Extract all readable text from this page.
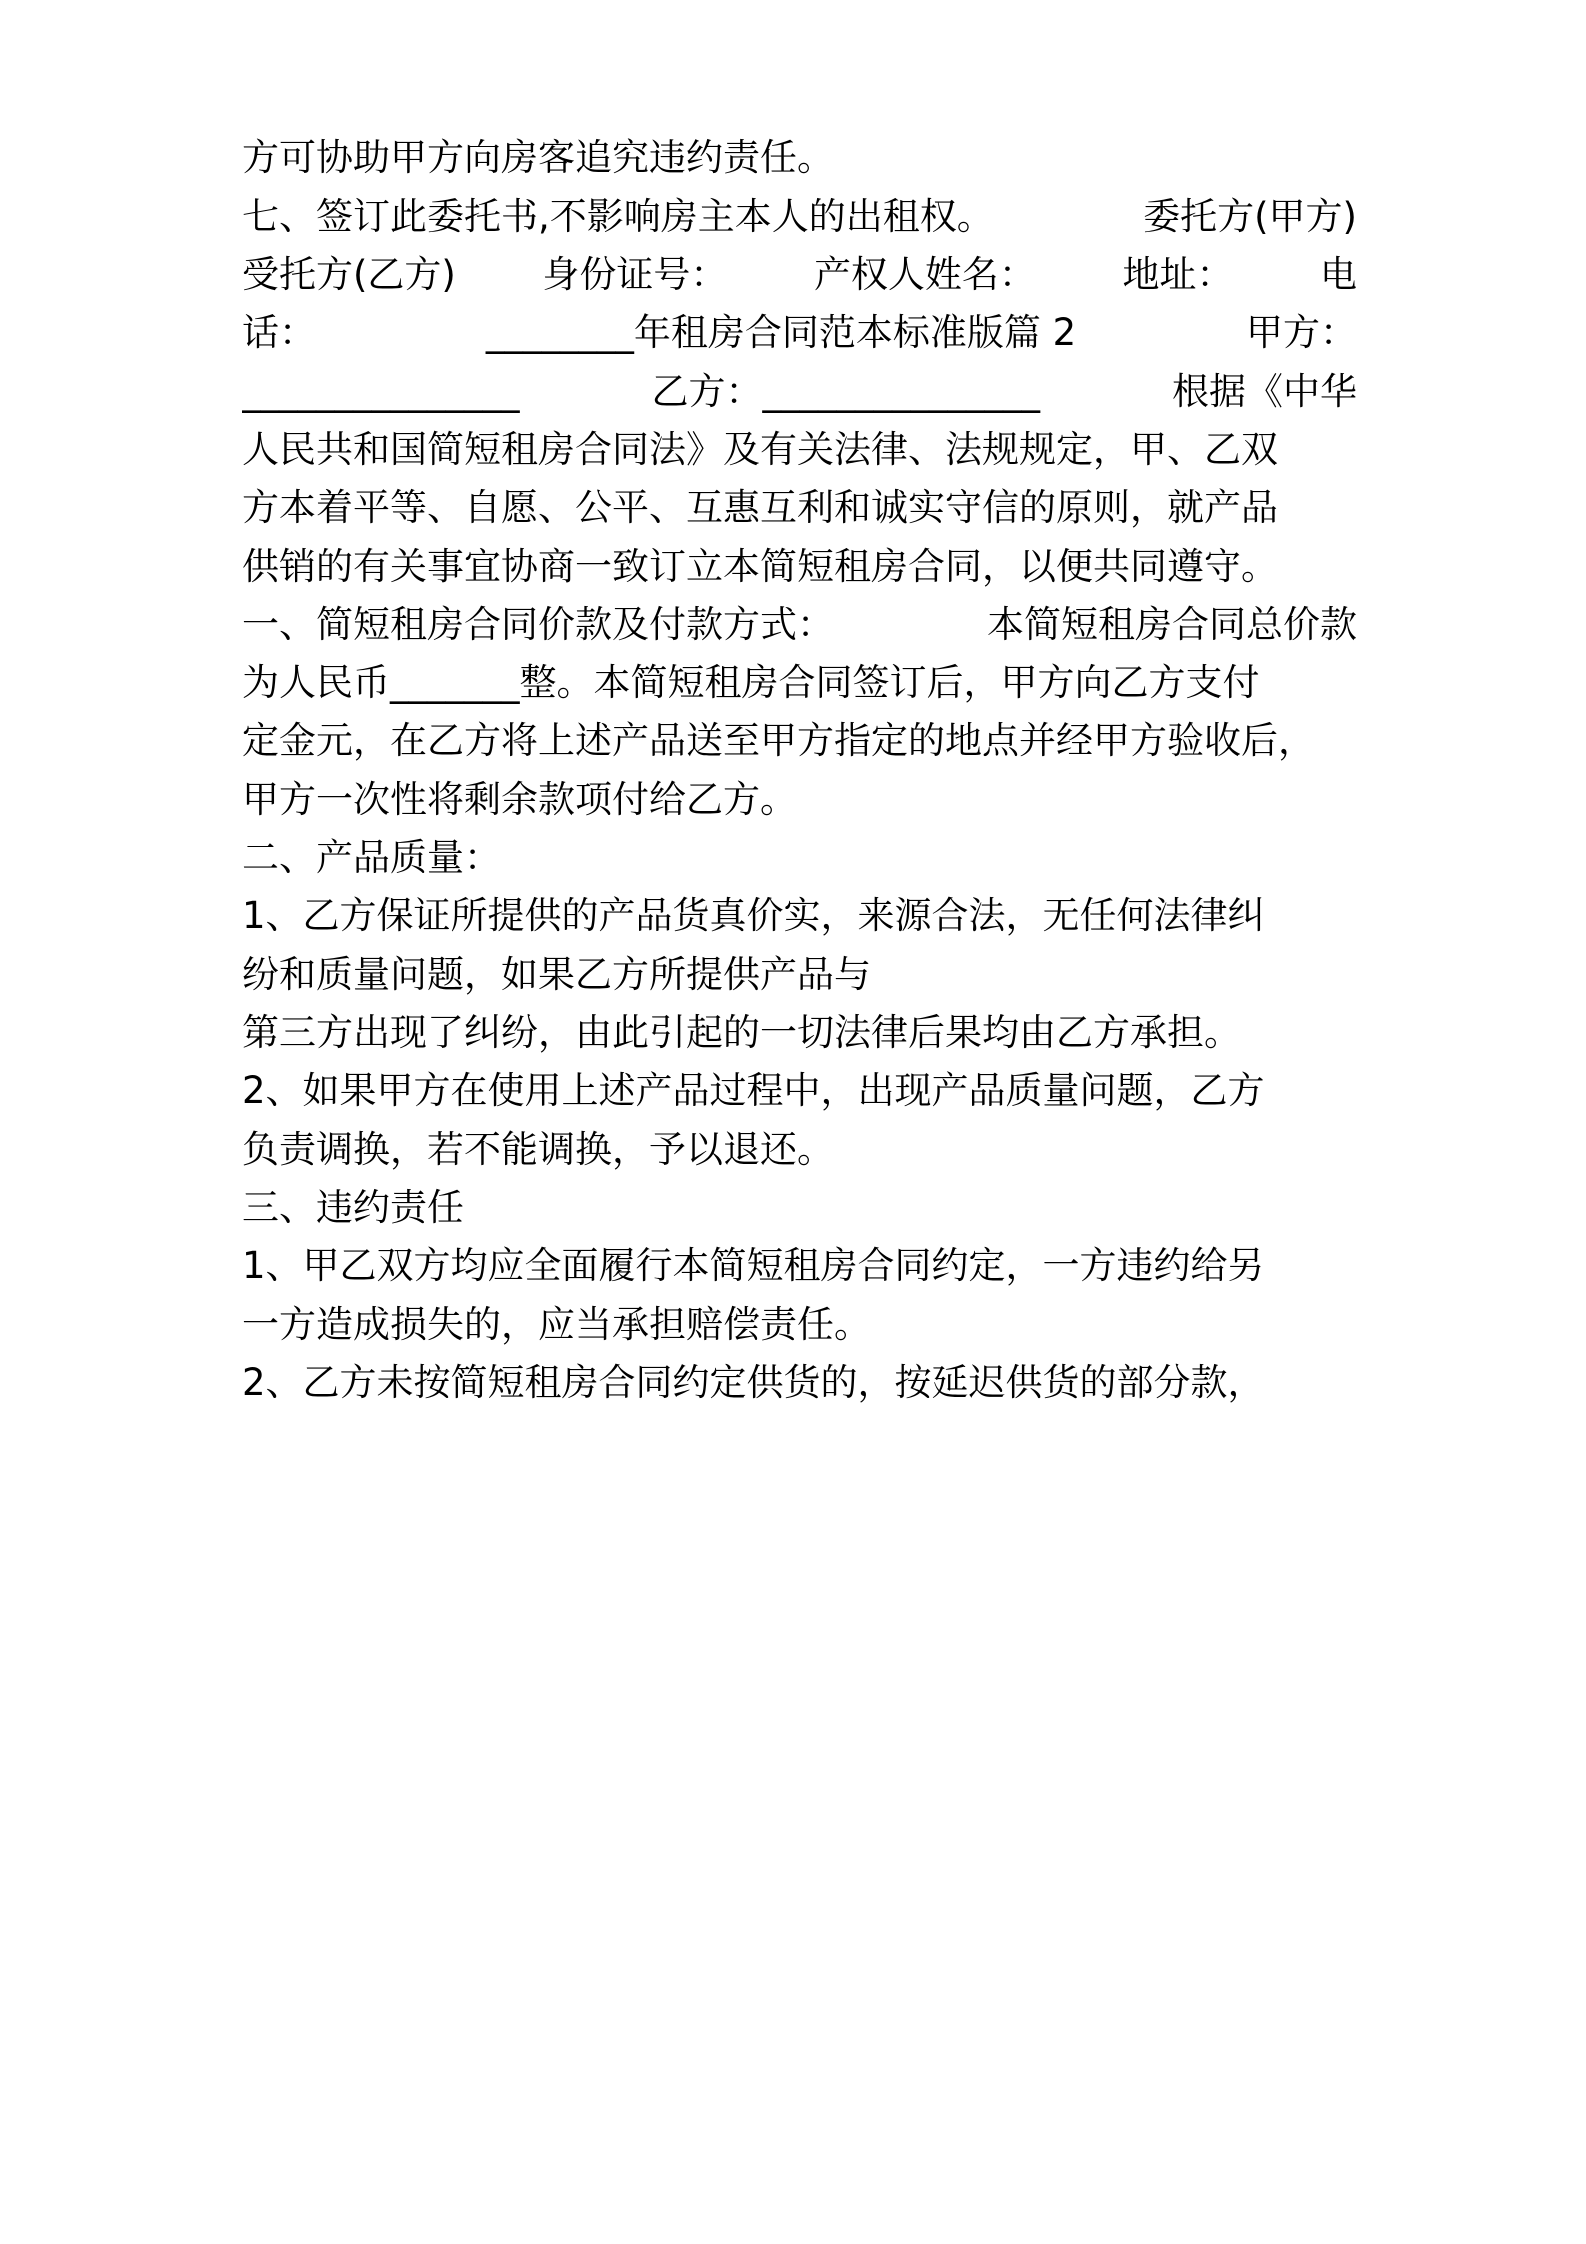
方可协助甲方向房客追究违约责任。
七、签订此委托书,不影响房主本人的出租权。	委托方(甲方)
受托方(乙方) 身份证号： 产权人姓名： 地址： 电
话：	________年租房合同范本标准版篇 2	甲方：
_______________	乙方：_______________	根据《中华
人民共和国简短租房合同法》及有关法律、法规规定，甲、乙双
方本着平等、自愿、公平、互惠互利和诚实守信的原则，就产品
供销的有关事宜协商一致订立本简短租房合同，以便共同遵守。
一、简短租房合同价款及付款方式：	本简短租房合同总价款
为人民币_______整。本简短租房合同签订后，甲方向乙方支付
定金元，在乙方将上述产品送至甲方指定的地点并经甲方验收后，
甲方一次性将剩余款项付给乙方。
二、产品质量：
1、乙方保证所提供的产品货真价实，来源合法，无任何法律纠
纷和质量问题，如果乙方所提供产品与
第三方出现了纠纷，由此引起的一切法律后果均由乙方承担。
2、如果甲方在使用上述产品过程中，出现产品质量问题，乙方
负责调换，若不能调换，予以退还。
三、违约责任
1、甲乙双方均应全面履行本简短租房合同约定，一方违约给另
一方造成损失的，应当承担赔偿责任。
2、乙方未按简短租房合同约定供货的，按延迟供货的部分款，
